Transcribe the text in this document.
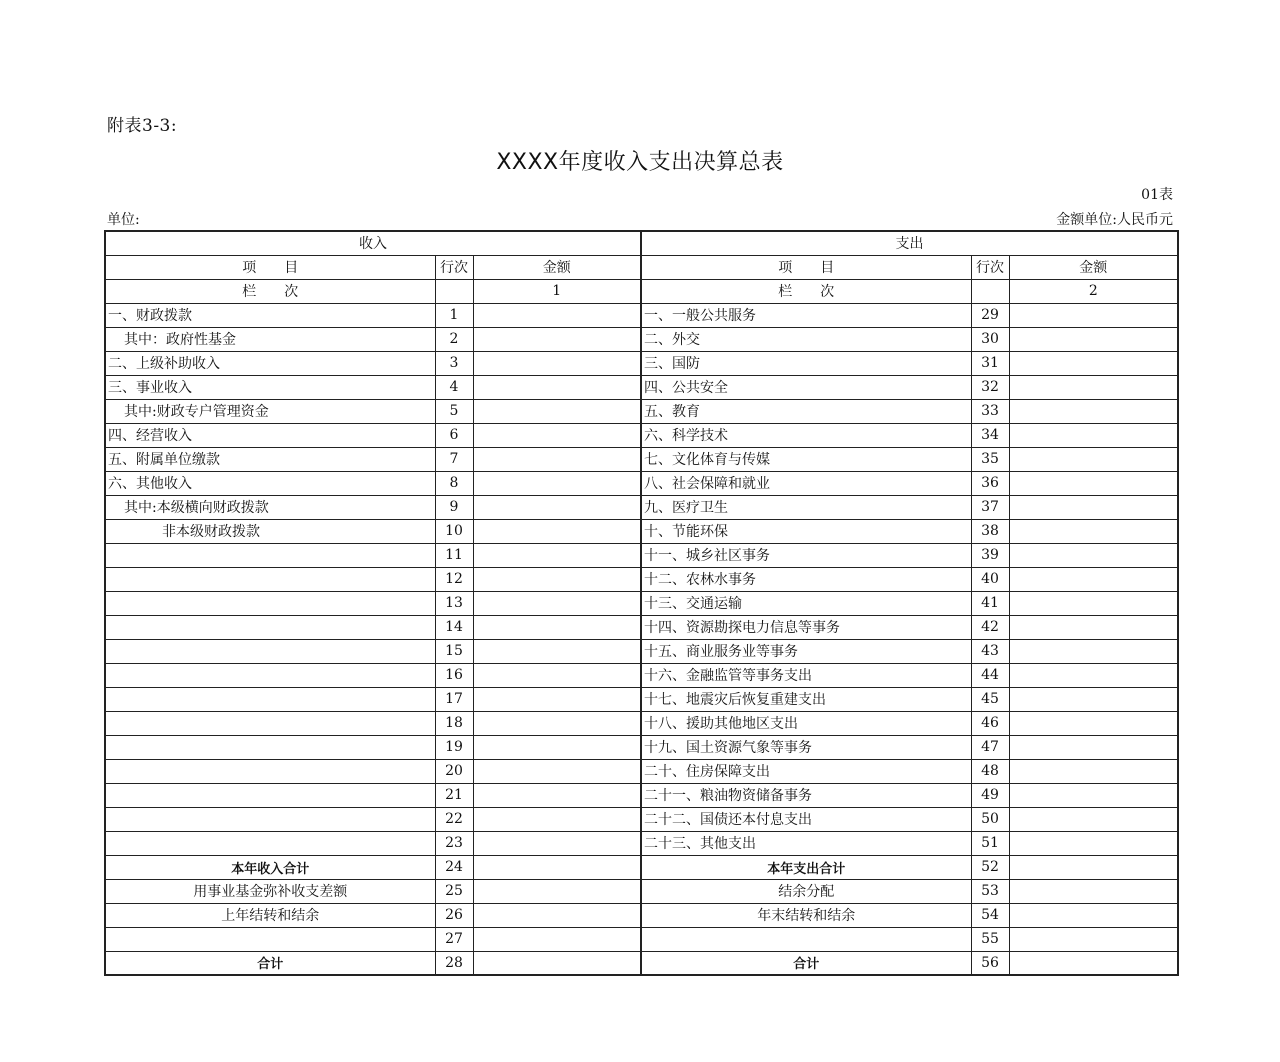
附表3-3:
XXXX年度收入支出决算总表
01表
单位:	金额单位:人民币元
收入			支出		
项　　目	行次	金额	项　　目	行次	金额
栏　　次		1	栏　　次		2
一、财政拨款	1		一、一般公共服务	29	
其中：政府性基金	2		二、外交	30	
二、上级补助收入	3		三、国防	31	
三、事业收入	4		四、公共安全	32	
其中:财政专户管理资金	5		五、教育	33	
四、经营收入	6		六、科学技术	34	
五、附属单位缴款	7		七、文化体育与传媒	35	
六、其他收入	8		八、社会保障和就业	36	
其中:本级横向财政拨款	9		九、医疗卫生	37	
非本级财政拨款	10		十、节能环保	38	
	11		十一、城乡社区事务	39	
	12		十二、农林水事务	40	
	13		十三、交通运输	41	
	14		十四、资源勘探电力信息等事务	42	
	15		十五、商业服务业等事务	43	
	16		十六、金融监管等事务支出	44	
	17		十七、地震灾后恢复重建支出	45	
	18		十八、援助其他地区支出	46	
	19		十九、国土资源气象等事务	47	
	20		二十、住房保障支出	48	
	21		二十一、粮油物资储备事务	49	
	22		二十二、国债还本付息支出	50	
	23		二十三、其他支出	51	
本年收入合计	24		本年支出合计	52	
用事业基金弥补收支差额	25		结余分配	53	
上年结转和结余	26		年末结转和结余	54	
	27			55	
合计	28		合计	56	
